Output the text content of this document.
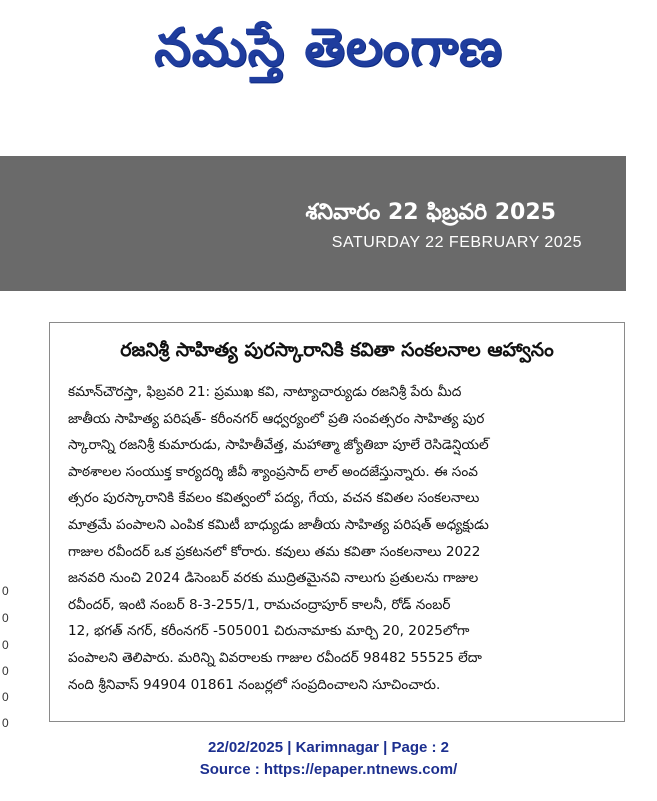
నమస్తే తెలంగాణ
శనివారం 22 ఫిబ్రవరి 2025
SATURDAY 22 FEBRUARY 2025
0
0
0
0
0
0
రజనిశ్రీ సాహిత్య పురస్కారానికి కవితా సంకలనాల ఆహ్వానం
కమాన్‌చౌరస్తా, ఫిబ్రవరి 21: ప్రముఖ కవి, నాట్యాచార్యుడు రజనిశ్రీ పేరు మీద
జాతీయ సాహిత్య పరిషత్‌- కరీంనగర్ ఆధ్వర్యంలో ప్రతి సంవత్సరం సాహిత్య పుర
స్కారాన్ని రజనిశ్రీ కుమారుడు, సాహితీవేత్త, మహాత్మా జ్యోతిబా పూలే రెసిడెన్షియల్
పాఠశాలల సంయుక్త కార్యదర్శి జీవీ శ్యాంప్రసాద్ లాల్ అందజేస్తున్నారు. ఈ సంవ
త్సరం పురస్కారానికి కేవలం కవిత్వంలో పద్య, గేయ, వచన కవితల సంకలనాలు
మాత్రమే పంపాలని ఎంపిక కమిటీ బాధ్యుడు జాతీయ సాహిత్య పరిషత్ అధ్యక్షుడు
గాజుల రవీందర్ ఒక ప్రకటనలో కోరారు. కవులు తమ కవితా సంకలనాలు 2022
జనవరి నుంచి 2024 డిసెంబర్ వరకు ముద్రితమైనవి నాలుగు ప్రతులను గాజుల
రవీందర్, ఇంటి నంబర్ 8-3-255/1, రామచంద్రాపూర్ కాలనీ, రోడ్ నంబర్
12, భగత్ నగర్, కరీంనగర్ -505001 చిరునామాకు మార్చి 20, 2025లోగా
పంపాలని తెలిపారు. మరిన్ని వివరాలకు గాజుల రవీందర్ 98482 55525 లేదా
నంది శ్రీనివాస్ 94904 01861 నంబర్లలో సంప్రదించాలని సూచించారు.
22/02/2025 | Karimnagar | Page : 2
Source : https://epaper.ntnews.com/
